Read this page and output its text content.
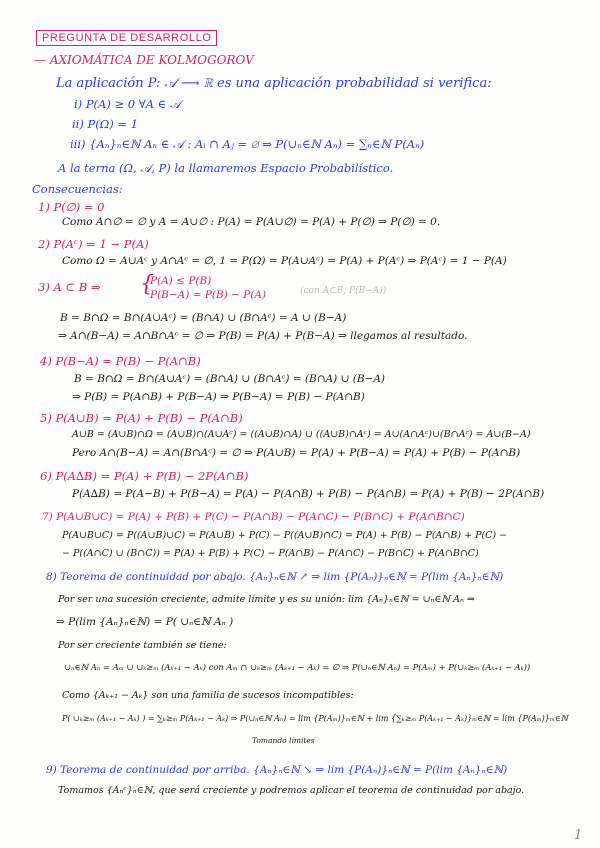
PREGUNTA DE DESARROLLO
— AXIOMÁTICA DE KOLMOGOROV
La aplicación P: 𝒜 ⟶ ℝ es una aplicación probabilidad si verifica:
i) P(A) ≥ 0 ∀A ∈ 𝒜
ii) P(Ω) = 1
iii) {Aₙ}ₙ∈ℕ Aₙ ∈ 𝒜 : Aᵢ ∩ Aⱼ = ∅ ⇒ P(∪ₙ∈ℕ Aₙ) = ∑ₙ∈ℕ P(Aₙ)
A la terna (Ω, 𝒜, P) la llamaremos Espacio Probabilístico.
Consecuencias:
1) P(∅) = 0
Como A∩∅ = ∅ y A = A∪∅ : P(A) = P(A∪∅) = P(A) + P(∅) ⇒ P(∅) = 0.
2) P(Aᶜ) = 1 − P(A)
Como Ω = A∪Aᶜ y A∩Aᶜ = ∅, 1 = P(Ω) = P(A∪Aᶜ) = P(A) + P(Aᶜ) ⇒ P(Aᶜ) = 1 − P(A)
3) A ⊂ B ⇒ {
P(A) ≤ P(B)
P(B−A) = P(B) − P(A)	(con A⊂B, P(B−A))
B = B∩Ω = B∩(A∪Aᶜ) = (B∩A) ∪ (B∩Aᶜ) = A ∪ (B−A)
⇒ A∩(B−A) = A∩B∩Aᶜ = ∅ ⇒ P(B) = P(A) + P(B−A) ⇒ llegamos al resultado.
4) P(B−A) = P(B) − P(A∩B)
B = B∩Ω = B∩(A∪Aᶜ) = (B∩A) ∪ (B∩Aᶜ) = (B∩A) ∪ (B−A)
⇒ P(B) = P(A∩B) + P(B−A) ⇒ P(B−A) = P(B) − P(A∩B)
5) P(A∪B) = P(A) + P(B) − P(A∩B)
A∪B = (A∪B)∩Ω = (A∪B)∩(A∪Aᶜ) = ((A∪B)∩A) ∪ ((A∪B)∩Aᶜ) = A∪(A∩Aᶜ)∪(B∩Aᶜ) = A∪(B−A)
Pero A∩(B−A) = A∩(B∩Aᶜ) = ∅ ⇒ P(A∪B) = P(A) + P(B−A) = P(A) + P(B) − P(A∩B)
6) P(A∆B) = P(A) + P(B) − 2P(A∩B)
P(A∆B) = P(A−B) + P(B−A) = P(A) − P(A∩B) + P(B) − P(A∩B) = P(A) + P(B) − 2P(A∩B)
7) P(A∪B∪C) = P(A) + P(B) + P(C) − P(A∩B) − P(A∩C) − P(B∩C) + P(A∩B∩C)
P(A∪B∪C) = P((A∪B)∪C) = P(A∪B) + P(C) − P((A∪B)∩C) = P(A) + P(B) − P(A∩B) + P(C) −
− P((A∩C) ∪ (B∩C)) = P(A) + P(B) + P(C) − P(A∩B) − P(A∩C) − P(B∩C) + P(A∩B∩C)
8) Teorema de continuidad por abajo. {Aₙ}ₙ∈ℕ ↗ ⇒ lim {P(Aₙ)}ₙ∈ℕ = P(lim {Aₙ}ₙ∈ℕ)
Por ser una sucesión creciente, admite límite y es su unión: lim {Aₙ}ₙ∈ℕ = ∪ₙ∈ℕ Aₙ ⇒
⇒ P(lim {Aₙ}ₙ∈ℕ) = P( ∪ₙ∈ℕ Aₙ )
Por ser creciente también se tiene:
∪ₙ∈ℕ Aₙ = Aₘ ∪ ∪ₖ≥ₘ (Aₖ₊₁ − Aₖ) con Aₘ ∩ ∪ₖ≥ₘ (Aₖ₊₁ − Aₖ) = ∅ ⇒ P(∪ₙ∈ℕ Aₙ) = P(Aₘ) + P(∪ₖ≥ₘ (Aₖ₊₁ − Aₖ))
Como {Aₖ₊₁ − Aₖ} son una familia de sucesos incompatibles:
P( ∪ₖ≥ₘ (Aₖ₊₁ − Aₖ) ) = ∑ₖ≥ₘ P(Aₖ₊₁ − Aₖ) ⇒ P(∪ₙ∈ℕ Aₙ) = lim {P(Aₘ)}ₘ∈ℕ + lim {∑ₖ≥ₘ P(Aₖ₊₁ − Aₖ)}ₘ∈ℕ = lim {P(Aₘ)}ₘ∈ℕ
Tomando límites
9) Teorema de continuidad por arriba. {Aₙ}ₙ∈ℕ ↘ ⇒ lim {P(Aₙ)}ₙ∈ℕ = P(lim {Aₙ}ₙ∈ℕ)
Tomamos {Aₙᶜ}ₙ∈ℕ, que será creciente y podremos aplicar el teorema de continuidad por abajo.
1
